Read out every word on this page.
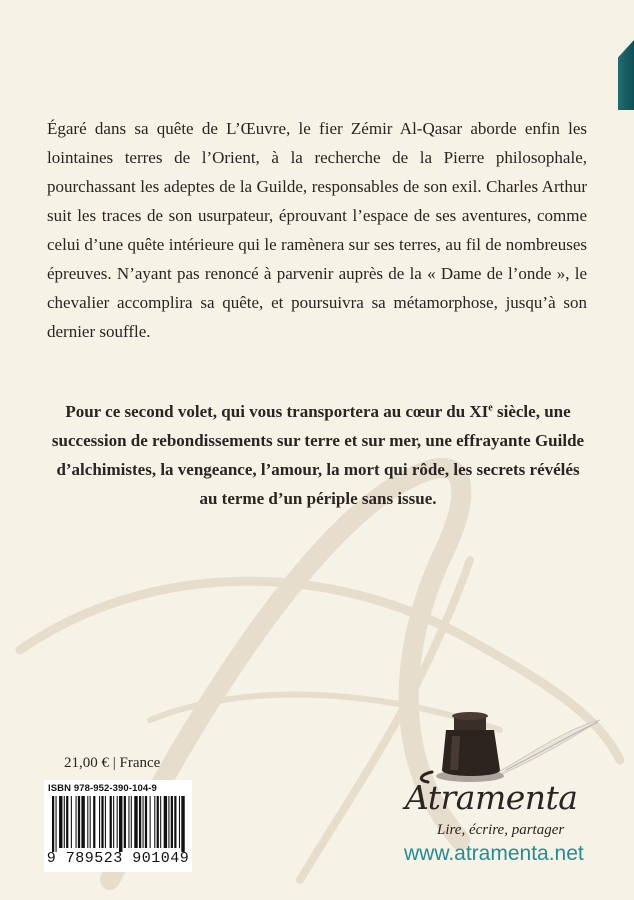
Égaré dans sa quête de L’Œuvre, le fier Zémir Al-Qasar aborde enfin les lointaines terres de l’Orient, à la recherche de la Pierre philosophale, pourchassant les adeptes de la Guilde, responsables de son exil. Charles Arthur suit les traces de son usurpateur, éprouvant l’espace de ses aventures, comme celui d’une quête intérieure qui le ramènera sur ses terres, au fil de nombreuses épreuves. N’ayant pas renoncé à parvenir auprès de la « Dame de l’onde », le chevalier accomplira sa quête, et poursuivra sa métamorphose, jusqu’à son dernier souffle.

Pour ce second volet, qui vous transportera au cœur du XIe siècle, une succession de rebondissements sur terre et sur mer, une effrayante Guilde d’alchimistes, la vengeance, l’amour, la mort qui rôde, les secrets révélés au terme d’un périple sans issue.

21,00 € | France
ISBN 978-952-390-104-9
9 789523 901049
Atramenta
Lire, écrire, partager
www.atramenta.net
